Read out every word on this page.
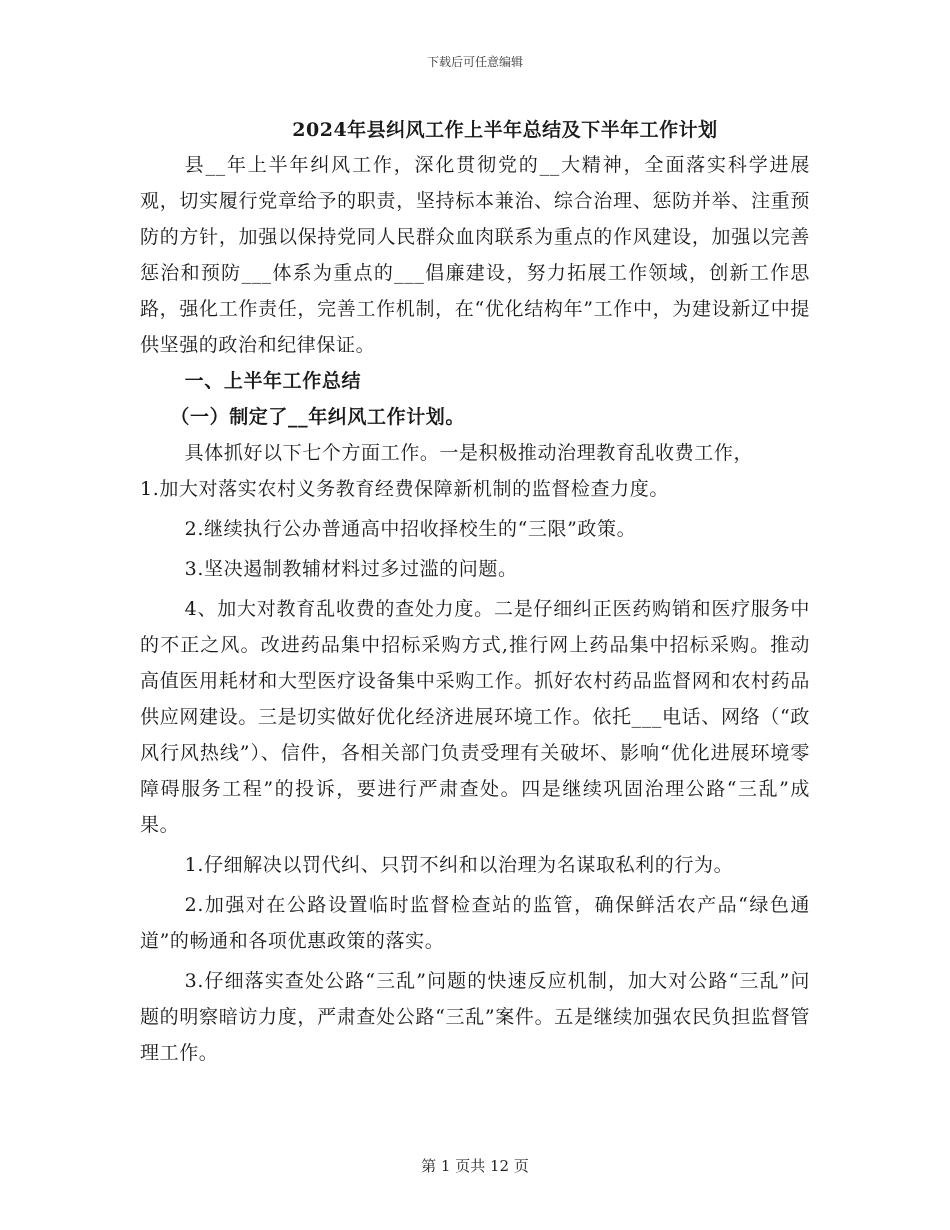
下载后可任意编辑
2024年县纠风工作上半年总结及下半年工作计划

县__年上半年纠风工作，深化贯彻党的__大精神，全面落实科学进展观，切实履行党章给予的职责，坚持标本兼治、综合治理、惩防并举、注重预防的方针，加强以保持党同人民群众血肉联系为重点的作风建设，加强以完善惩治和预防___体系为重点的___倡廉建设，努力拓展工作领域，创新工作思路，强化工作责任，完善工作机制，在“优化结构年”工作中，为建设新辽中提供坚强的政治和纪律保证。

一、上半年工作总结

（一）制定了__年纠风工作计划。

具体抓好以下七个方面工作。一是积极推动治理教育乱收费工作，

1.加大对落实农村义务教育经费保障新机制的监督检查力度。

2.继续执行公办普通高中招收择校生的“三限”政策。

3.坚决遏制教辅材料过多过滥的问题。

4、加大对教育乱收费的查处力度。二是仔细纠正医药购销和医疗服务中的不正之风。改进药品集中招标采购方式,推行网上药品集中招标采购。推动高值医用耗材和大型医疗设备集中采购工作。抓好农村药品监督网和农村药品供应网建设。三是切实做好优化经济进展环境工作。依托___电话、网络（“政风行风热线”）、信件，各相关部门负责受理有关破坏、影响“优化进展环境零障碍服务工程”的投诉，要进行严肃查处。四是继续巩固治理公路“三乱”成果。

1.仔细解决以罚代纠、只罚不纠和以治理为名谋取私利的行为。

2.加强对在公路设置临时监督检查站的监管，确保鲜活农产品“绿色通道”的畅通和各项优惠政策的落实。

3.仔细落实查处公路“三乱”问题的快速反应机制，加大对公路“三乱”问题的明察暗访力度，严肃查处公路“三乱”案件。五是继续加强农民负担监督管理工作。

第 1 页共 12 页
